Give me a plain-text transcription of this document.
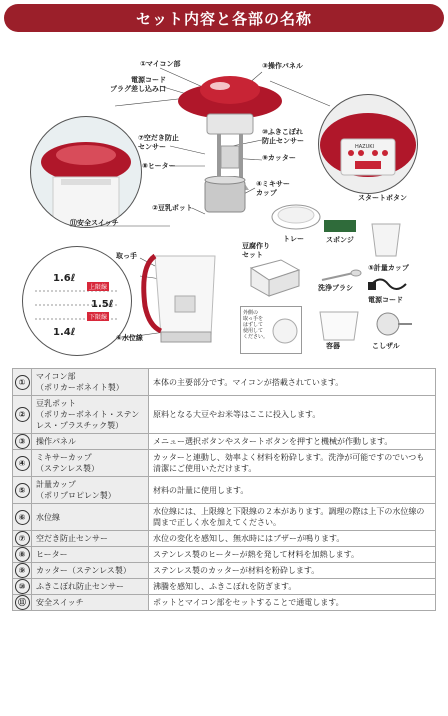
セット内容と各部の名称
HAZUKI
外側の
取っ手を
はずして
使用して
ください。
1.6ℓ
上限線
1.5ℓ
下限線
1.4ℓ
①マイコン部
電源コード
プラグ差し込み口
③操作パネル
⑦空だき防止
センサー
⑩ふきこぼれ
防止センサー
⑧ヒーター
⑨カッター
④ミキサー
カップ
②豆乳ポット
⑪安全スイッチ
スタートボタン
トレー	スポンジ
⑤計量カップ
取っ手
豆腐作り
セット
洗浄ブラシ
電源コード
⑥水位線
容器	こしザル
①	マイコン部
（ポリカーボネイト製）	本体の主要部分です。マイコンが搭載されています。
②	豆乳ポット
（ポリカーボネイト・ステンレス・プラスチック製）	原料となる大豆やお米等はここに投入します。
③	操作パネル	メニュー選択ボタンやスタートボタンを押すと機械が作動します。
④	ミキサーカップ
（ステンレス製）	カッターと連動し、効率よく材料を粉砕します。洗浄が可能ですのでいつも清潔にご使用いただけます。
⑤	計量カップ
（ポリプロピレン製）	材料の計量に使用します。
⑥	水位線	水位線には、上限線と下限線の２本があります。調理の際は上下の水位線の間まで正しく水を加えてください。
⑦	空だき防止センサー	水位の変化を感知し、無水時にはブザーが鳴ります。
⑧	ヒーター	ステンレス製のヒーターが熱を発して材料を加熱します。
⑨	カッター（ステンレス製）	ステンレス製のカッターが材料を粉砕します。
⑩	ふきこぼれ防止センサー	沸騰を感知し、ふきこぼれを防ぎます。
⑪	安全スイッチ	ポットとマイコン部をセットすることで通電します。
